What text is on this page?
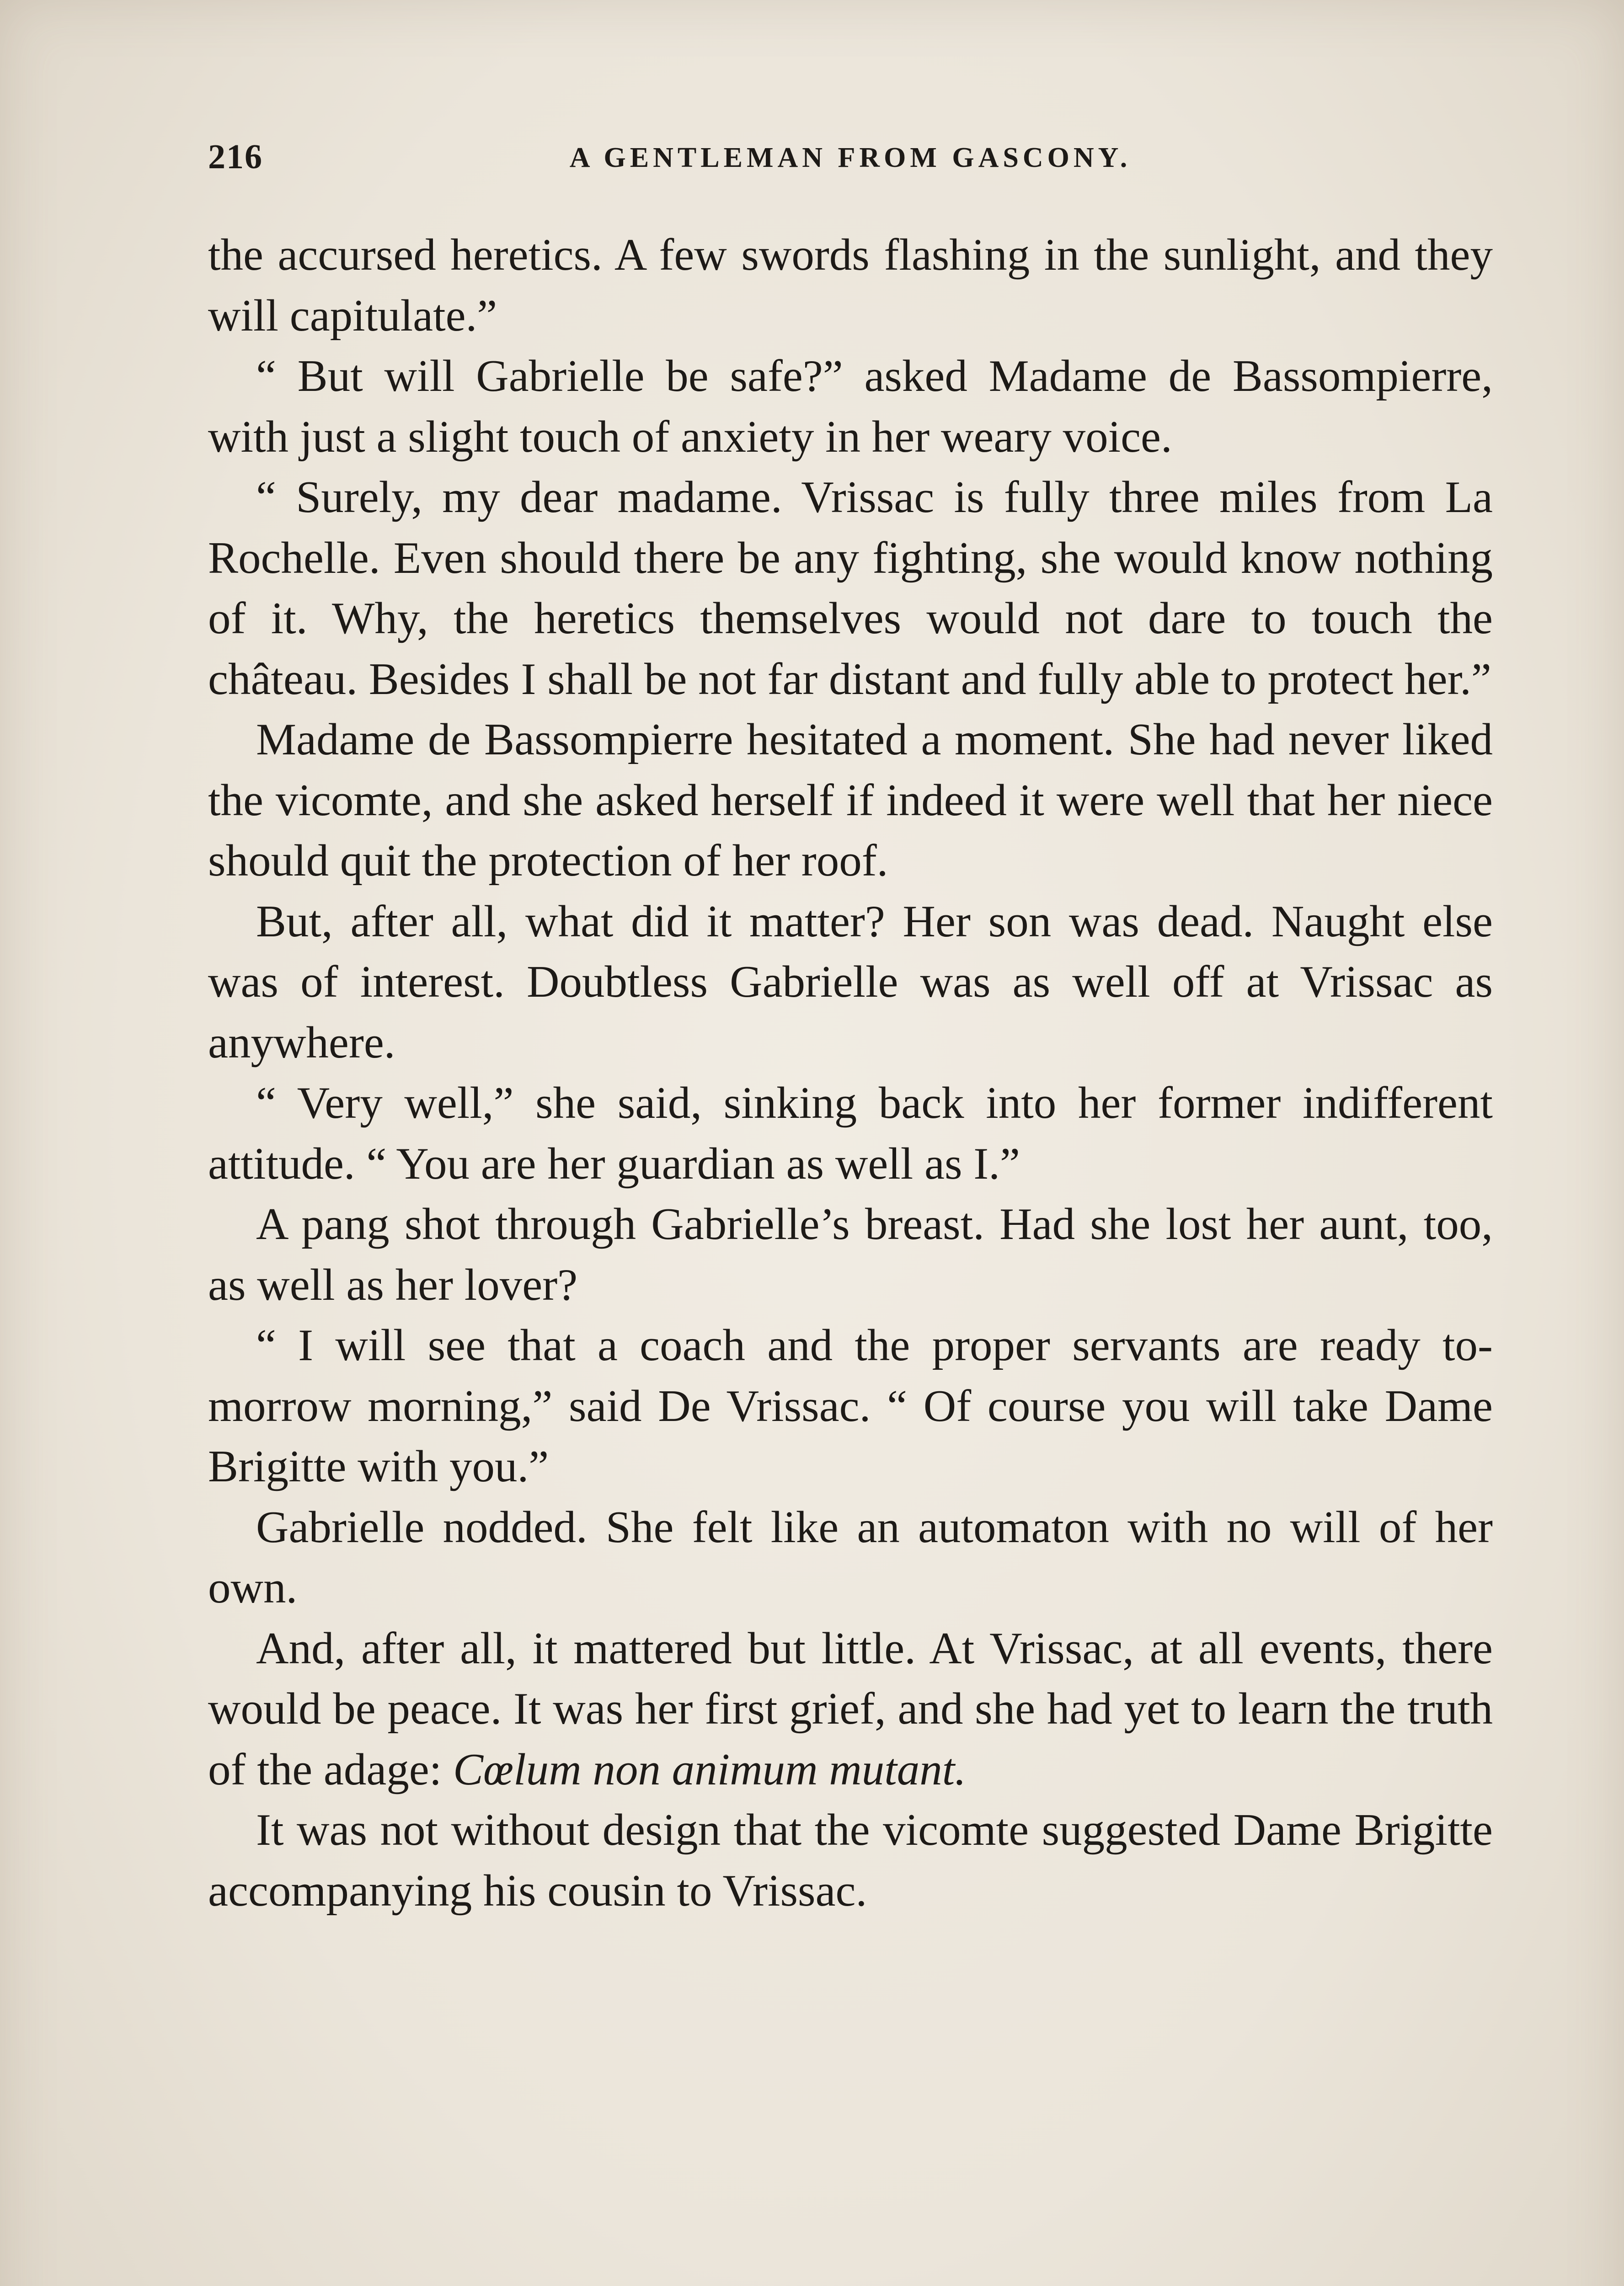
216	A GENTLEMAN FROM GASCONY.

the accursed heretics. A few swords flashing in the sunlight, and they will capitulate.”

“ But will Gabrielle be safe?” asked Madame de Bassompierre, with just a slight touch of anxiety in her weary voice.

“ Surely, my dear madame. Vrissac is fully three miles from La Rochelle. Even should there be any fighting, she would know nothing of it. Why, the heretics themselves would not dare to touch the château. Besides I shall be not far distant and fully able to protect her.”

Madame de Bassompierre hesitated a moment. She had never liked the vicomte, and she asked herself if indeed it were well that her niece should quit the protection of her roof.

But, after all, what did it matter? Her son was dead. Naught else was of interest. Doubtless Gabrielle was as well off at Vrissac as anywhere.

“ Very well,” she said, sinking back into her former indifferent attitude. “ You are her guardian as well as I.”

A pang shot through Gabrielle’s breast. Had she lost her aunt, too, as well as her lover?

“ I will see that a coach and the proper servants are ready to-morrow morning,” said De Vrissac. “ Of course you will take Dame Brigitte with you.”

Gabrielle nodded. She felt like an automaton with no will of her own.

And, after all, it mattered but little. At Vrissac, at all events, there would be peace. It was her first grief, and she had yet to learn the truth of the adage: Cœlum non animum mutant.

It was not without design that the vicomte suggested Dame Brigitte accompanying his cousin to Vrissac.
